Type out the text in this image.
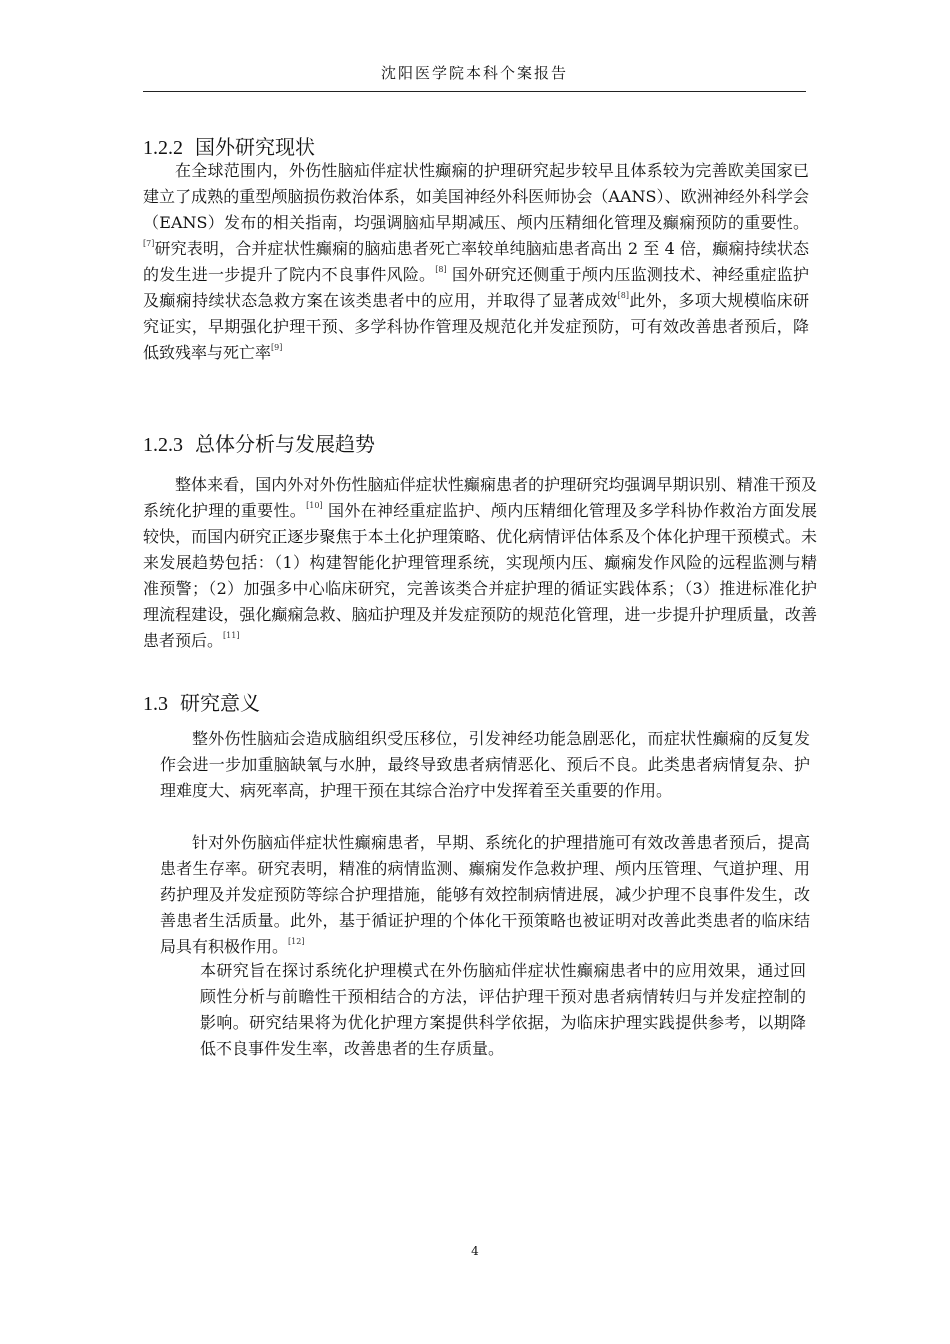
沈阳医学院本科个案报告
1.2.2 国外研究现状

在全球范围内，外伤性脑疝伴症状性癫痫的护理研究起步较早且体系较为完善欧美国家已建立了成熟的重型颅脑损伤救治体系，如美国神经外科医师协会（AANS）、欧洲神经外科学会（EANS）发布的相关指南，均强调脑疝早期减压、颅内压精细化管理及癫痫预防的重要性。[7]研究表明，合并症状性癫痫的脑疝患者死亡率较单纯脑疝患者高出 2 至 4 倍，癫痫持续状态的发生进一步提升了院内不良事件风险。[8] 国外研究还侧重于颅内压监测技术、神经重症监护及癫痫持续状态急救方案在该类患者中的应用，并取得了显著成效[8]此外，多项大规模临床研究证实，早期强化护理干预、多学科协作管理及规范化并发症预防，可有效改善患者预后，降低致残率与死亡率[9]

1.2.3 总体分析与发展趋势

整体来看，国内外对外伤性脑疝伴症状性癫痫患者的护理研究均强调早期识别、精准干预及系统化护理的重要性。[10] 国外在神经重症监护、颅内压精细化管理及多学科协作救治方面发展较快，而国内研究正逐步聚焦于本土化护理策略、优化病情评估体系及个体化护理干预模式。未来发展趋势包括：（1）构建智能化护理管理系统，实现颅内压、癫痫发作风险的远程监测与精准预警；（2）加强多中心临床研究，完善该类合并症护理的循证实践体系；（3）推进标准化护理流程建设，强化癫痫急救、脑疝护理及并发症预防的规范化管理，进一步提升护理质量，改善患者预后。[11]

1.3 研究意义

整外伤性脑疝会造成脑组织受压移位，引发神经功能急剧恶化，而症状性癫痫的反复发作会进一步加重脑缺氧与水肿，最终导致患者病情恶化、预后不良。此类患者病情复杂、护理难度大、病死率高，护理干预在其综合治疗中发挥着至关重要的作用。

针对外伤脑疝伴症状性癫痫患者，早期、系统化的护理措施可有效改善患者预后，提高患者生存率。研究表明，精准的病情监测、癫痫发作急救护理、颅内压管理、气道护理、用药护理及并发症预防等综合护理措施，能够有效控制病情进展，减少护理不良事件发生，改善患者生活质量。此外，基于循证护理的个体化干预策略也被证明对改善此类患者的临床结局具有积极作用。[12]

本研究旨在探讨系统化护理模式在外伤脑疝伴症状性癫痫患者中的应用效果，通过回顾性分析与前瞻性干预相结合的方法，评估护理干预对患者病情转归与并发症控制的影响。研究结果将为优化护理方案提供科学依据，为临床护理实践提供参考，以期降低不良事件发生率，改善患者的生存质量。

4
